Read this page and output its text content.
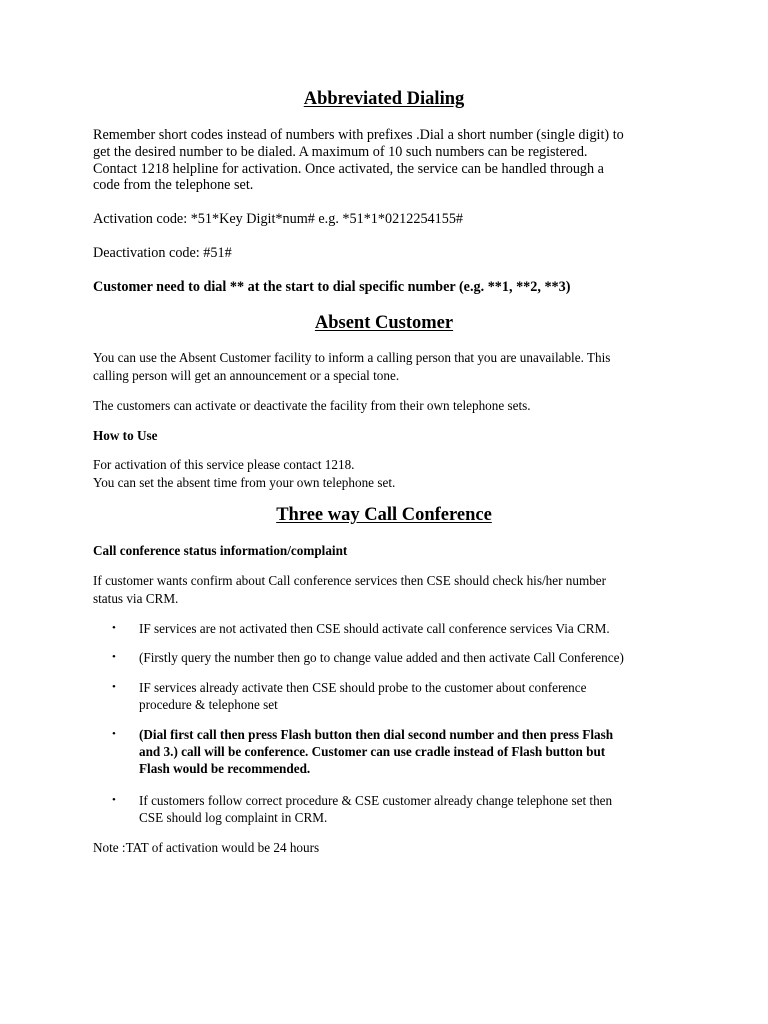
Abbreviated Dialing
Remember short codes instead of numbers with prefixes .Dial a short number (single digit) to
get the desired number to be dialed. A maximum of 10 such numbers can be registered.
Contact 1218 helpline for activation. Once activated, the service can be handled through a
code from the telephone set.
Activation code: *51*Key Digit*num# e.g. *51*1*0212254155#
Deactivation code: #51#
Customer need to dial ** at the start to dial specific number (e.g. **1, **2, **3)
Absent Customer
You can use the Absent Customer facility to inform a calling person that you are unavailable. This
calling person will get an announcement or a special tone.
The customers can activate or deactivate the facility from their own telephone sets.
How to Use
For activation of this service please contact 1218.
You can set the absent time from your own telephone set.
Three way Call Conference
Call conference status information/complaint
If customer wants confirm about Call conference services then CSE should check his/her number
status via CRM.
•	IF services are not activated then CSE should activate call conference services Via CRM.
•	(Firstly query the number then go to change value added and then activate Call Conference)
•	IF services already activate then CSE should probe to the customer about conference
procedure & telephone set
•	(Dial first call then press Flash button then dial second number and then press Flash
and 3.) call will be conference. Customer can use cradle instead of Flash button but
Flash would be recommended.
•	If customers follow correct procedure & CSE customer already change telephone set then
CSE should log complaint in CRM.
Note :TAT of activation would be 24 hours
